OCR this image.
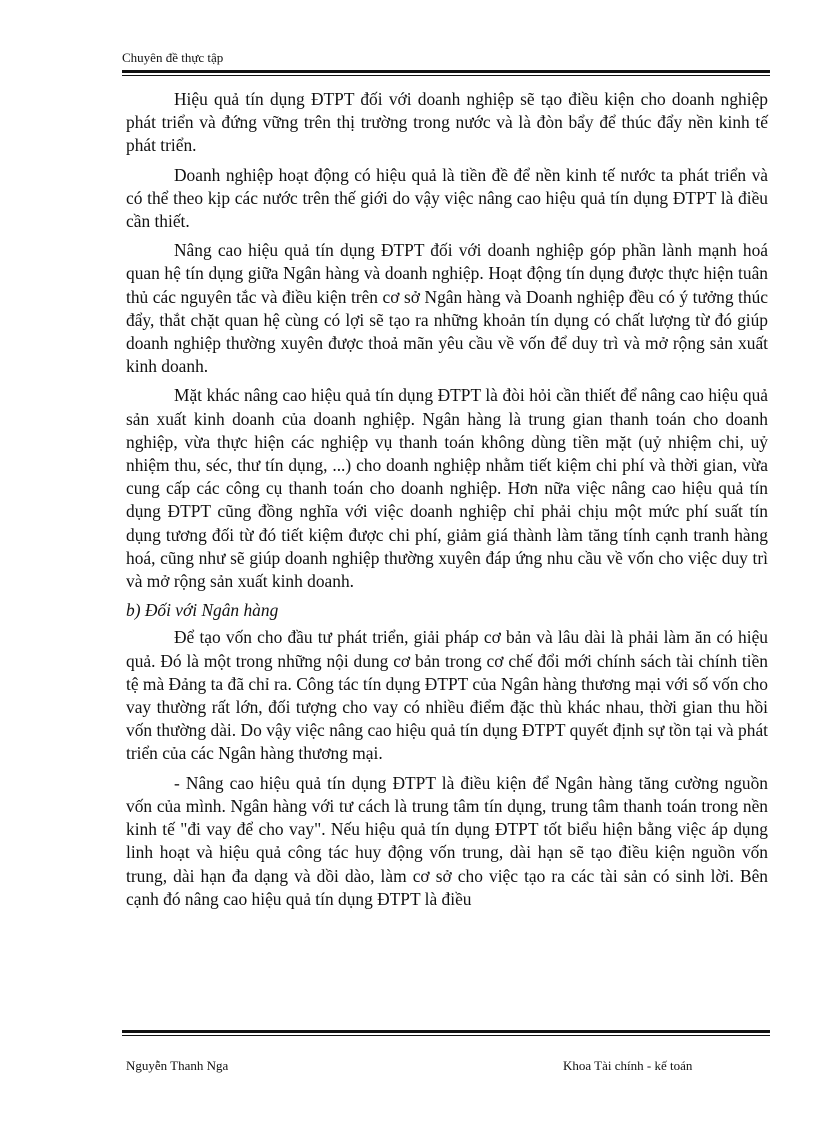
Chuyên đề thực tập

Hiệu quả tín dụng ĐTPT đối với doanh nghiệp sẽ tạo điều kiện cho doanh nghiệp phát triển và đứng vững trên thị trường trong nước và là đòn bẩy để thúc đẩy nền kinh tế phát triển.

Doanh nghiệp hoạt động có hiệu quả là tiền đề để nền kinh tế nước ta phát triển và có thể theo kịp các nước trên thế giới do vậy việc nâng cao hiệu quả tín dụng ĐTPT là điều cần thiết.

Nâng cao hiệu quả tín dụng ĐTPT đối với doanh nghiệp góp phần lành mạnh hoá quan hệ tín dụng giữa Ngân hàng và doanh nghiệp. Hoạt động tín dụng được thực hiện tuân thủ các nguyên tắc và điều kiện trên cơ sở Ngân hàng và Doanh nghiệp đều có ý tưởng thúc đẩy, thắt chặt quan hệ cùng có lợi sẽ tạo ra những khoản tín dụng có chất lượng từ đó giúp doanh nghiệp thường xuyên được thoả mãn yêu cầu về vốn để duy trì và mở rộng sản xuất kinh doanh.

Mặt khác nâng cao hiệu quả tín dụng ĐTPT là đòi hỏi cần thiết để nâng cao hiệu quả sản xuất kinh doanh của doanh nghiệp. Ngân hàng là trung gian thanh toán cho doanh nghiệp, vừa thực hiện các nghiệp vụ thanh toán không dùng tiền mặt (uỷ nhiệm chi, uỷ nhiệm thu, séc, thư tín dụng, ...) cho doanh nghiệp nhằm tiết kiệm chi phí và thời gian, vừa cung cấp các công cụ thanh toán cho doanh nghiệp. Hơn nữa việc nâng cao hiệu quả tín dụng ĐTPT cũng đồng nghĩa với việc doanh nghiệp chỉ phải chịu một mức phí suất tín dụng tương đối từ đó tiết kiệm được chi phí, giảm giá thành làm tăng tính cạnh tranh hàng hoá, cũng như sẽ giúp doanh nghiệp thường xuyên đáp ứng nhu cầu về vốn cho việc duy trì và mở rộng sản xuất kinh doanh.

b) Đối với Ngân hàng

Để tạo vốn cho đầu tư phát triển, giải pháp cơ bản và lâu dài là phải làm ăn có hiệu quả. Đó là một trong những nội dung cơ bản trong cơ chế đổi mới chính sách tài chính tiền tệ mà Đảng ta đã chỉ ra. Công tác tín dụng ĐTPT của Ngân hàng thương mại với số vốn cho vay thường rất lớn, đối tượng cho vay có nhiều điểm đặc thù khác nhau, thời gian thu hồi vốn thường dài. Do vậy việc nâng cao hiệu quả tín dụng ĐTPT quyết định sự tồn tại và phát triển của các Ngân hàng thương mại.

- Nâng cao hiệu quả tín dụng ĐTPT là điều kiện để Ngân hàng tăng cường nguồn vốn của mình. Ngân hàng với tư cách là trung tâm tín dụng, trung tâm thanh toán trong nền kinh tế "đi vay để cho vay". Nếu hiệu quả tín dụng ĐTPT tốt biểu hiện bằng việc áp dụng linh hoạt và hiệu quả công tác huy động vốn trung, dài hạn sẽ tạo điều kiện nguồn vốn trung, dài hạn đa dạng và dồi dào, làm cơ sở cho việc tạo ra các tài sản có sinh lời. Bên cạnh đó nâng cao hiệu quả tín dụng ĐTPT là điều

Nguyễn Thanh Nga	Khoa Tài chính - kế toán
